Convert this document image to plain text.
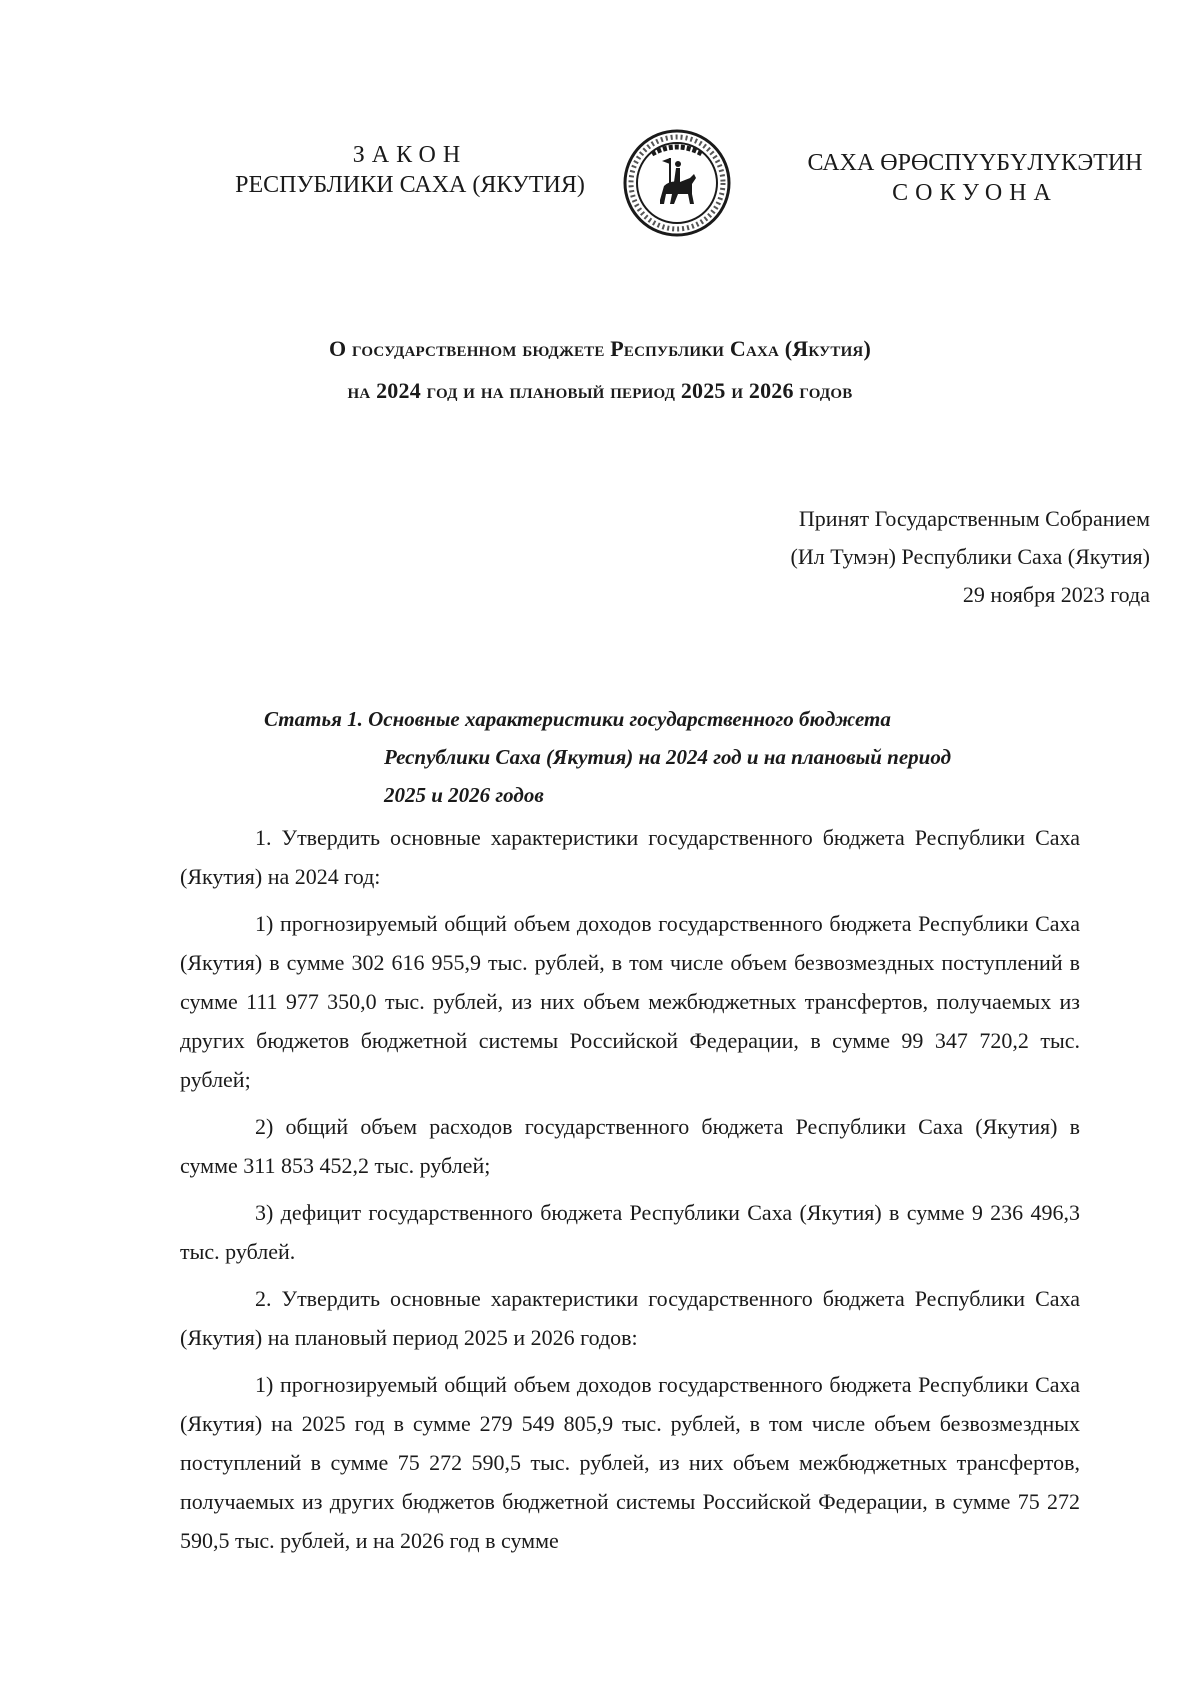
ЗАКОН
РЕСПУБЛИКИ САХА (ЯКУТИЯ)
САХА ӨРӨСПҮҮБҮЛҮКЭТИН
СОКУОНА
О государственном бюджете Республики Саха (Якутия)
на 2024 год и на плановый период 2025 и 2026 годов
Принят Государственным Собранием
(Ил Тумэн) Республики Саха (Якутия)
29 ноября 2023 года
Статья 1. Основные характеристики государственного бюджета
Республики Саха (Якутия) на 2024 год и на плановый период
2025 и 2026 годов

1. Утвердить основные характеристики государственного бюджета Республики Саха (Якутия) на 2024 год:

1) прогнозируемый общий объем доходов государственного бюджета Республики Саха (Якутия) в сумме 302 616 955,9 тыс. рублей, в том числе объем безвозмездных поступлений в сумме 111 977 350,0 тыс. рублей, из них объем межбюджетных трансфертов, получаемых из других бюджетов бюджетной системы Российской Федерации, в сумме 99 347 720,2 тыс. рублей;

2) общий объем расходов государственного бюджета Республики Саха (Якутия) в сумме 311 853 452,2 тыс. рублей;

3) дефицит государственного бюджета Республики Саха (Якутия) в сумме 9 236 496,3 тыс. рублей.

2. Утвердить основные характеристики государственного бюджета Республики Саха (Якутия) на плановый период 2025 и 2026 годов:

1) прогнозируемый общий объем доходов государственного бюджета Республики Саха (Якутия) на 2025 год в сумме 279 549 805,9 тыс. рублей, в том числе объем безвозмездных поступлений в сумме 75 272 590,5 тыс. рублей, из них объем межбюджетных трансфертов, получаемых из других бюджетов бюджетной системы Российской Федерации, в сумме 75 272 590,5 тыс. рублей, и на 2026 год в сумме
